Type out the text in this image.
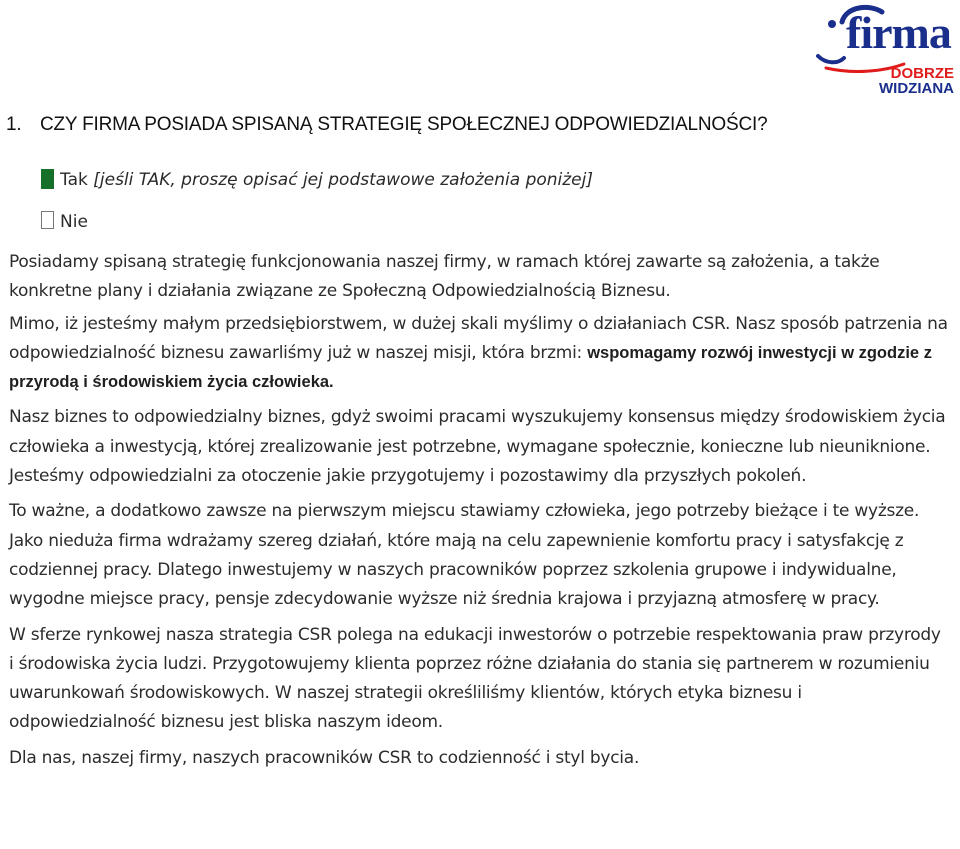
firma
DOBRZE
WIDZIANA
1. CZY FIRMA POSIADA SPISANĄ STRATEGIĘ SPOŁECZNEJ ODPOWIEDZIALNOŚCI?
Tak [jeśli TAK, proszę opisać jej podstawowe założenia poniżej]
Nie

Posiadamy spisaną strategię funkcjonowania naszej firmy, w ramach której zawarte są założenia, a także konkretne plany i działania związane ze Społeczną Odpowiedzialnością Biznesu.

Mimo, iż jesteśmy małym przedsiębiorstwem, w dużej skali myślimy o działaniach CSR. Nasz sposób patrzenia na odpowiedzialność biznesu zawarliśmy już w naszej misji, która brzmi: wspomagamy rozwój inwestycji w zgodzie z przyrodą i środowiskiem życia człowieka.

Nasz biznes to odpowiedzialny biznes, gdyż swoimi pracami wyszukujemy konsensus między środowiskiem życia człowieka a inwestycją, której zrealizowanie jest potrzebne, wymagane społecznie, konieczne lub nieuniknione. Jesteśmy odpowiedzialni za otoczenie jakie przygotujemy i pozostawimy dla przyszłych pokoleń.

To ważne, a dodatkowo zawsze na pierwszym miejscu stawiamy człowieka, jego potrzeby bieżące i te wyższe. Jako nieduża firma wdrażamy szereg działań, które mają na celu zapewnienie komfortu pracy i satysfakcję z codziennej pracy. Dlatego inwestujemy w naszych pracowników poprzez szkolenia grupowe i indywidualne, wygodne miejsce pracy, pensje zdecydowanie wyższe niż średnia krajowa i przyjazną atmosferę w pracy.

W sferze rynkowej nasza strategia CSR polega na edukacji inwestorów o potrzebie respektowania praw przyrody i środowiska życia ludzi. Przygotowujemy klienta poprzez różne działania do stania się partnerem w rozumieniu uwarunkowań środowiskowych. W naszej strategii określiliśmy klientów, których etyka biznesu i odpowiedzialność biznesu jest bliska naszym ideom.

Dla nas, naszej firmy, naszych pracowników CSR to codzienność i styl bycia.
